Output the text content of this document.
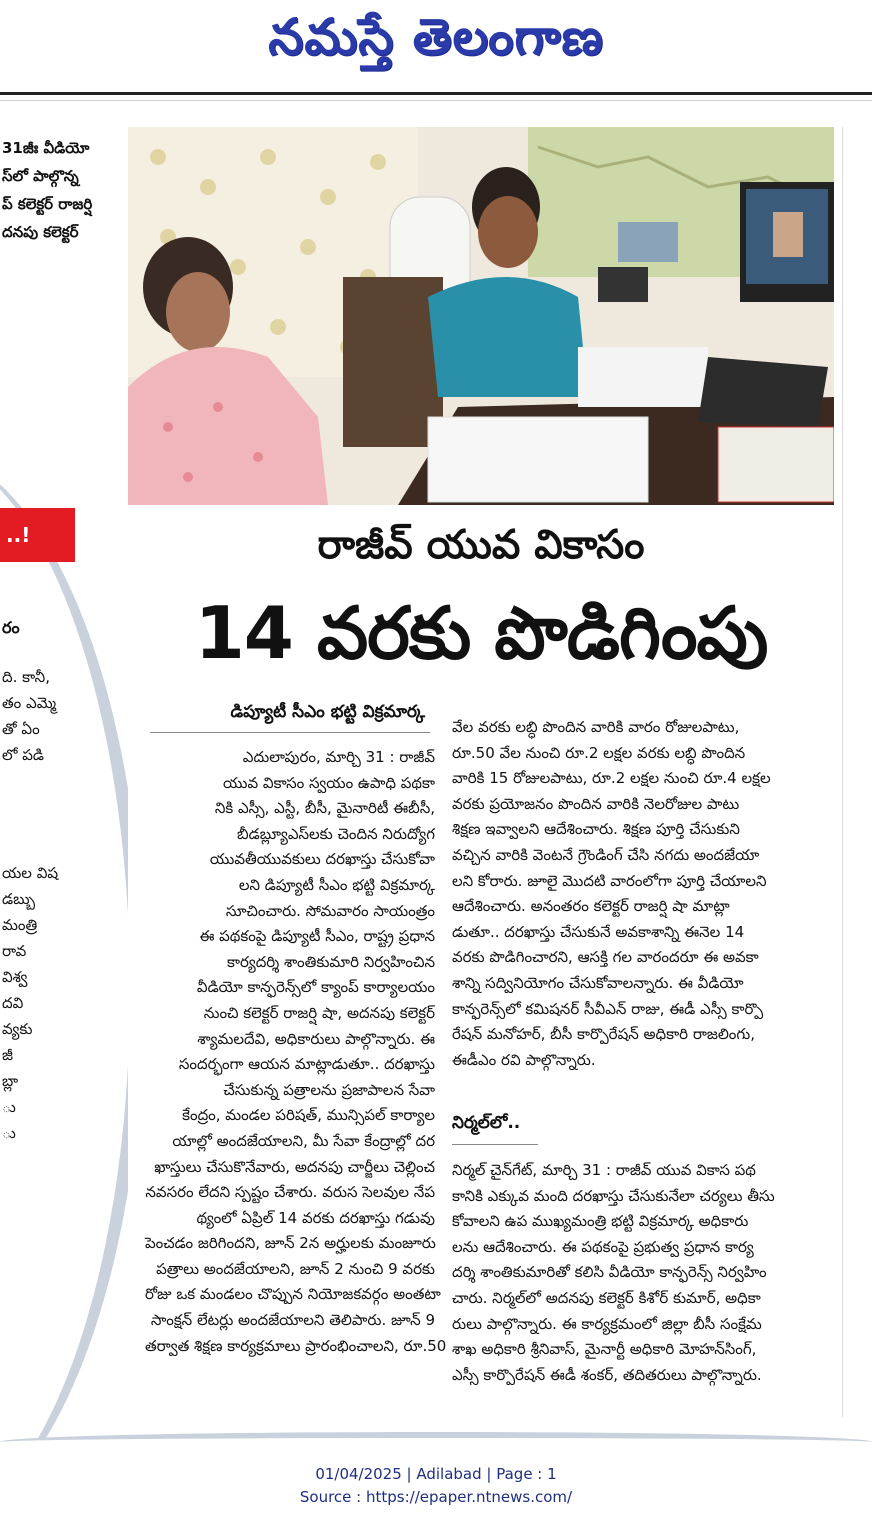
నమస్తే తెలంగాణ
31జీః వీడియో
స్‌లో పాల్గొన్న
ప్ కలెక్టర్ రాజర్షి
దనపు కలెక్టర్
..!
రం
ది. కానీ,
తం ఎమ్మె
తో ఏం
లో పడి
యల విష
డబ్బు
మంత్రి
రావ
విశ్వ
దవి
వ్యకు
జీ
బ్లా
ు
ు
రాజీవ్ యువ వికాసం
14 వరకు పొడిగింపు
డిప్యూటీ సీఎం భట్టి విక్రమార్క

ఎదులాపురం, మార్చి 31 : రాజీవ్

యువ వికాసం స్వయం ఉపాధి పథకా

నికి ఎస్సీ, ఎస్టీ, బీసీ, మైనారిటీ ఈబీసీ,

బీడబ్ల్యూఎస్‌లకు చెందిన నిరుద్యోగ

యువతీయువకులు దరఖాస్తు చేసుకోవా

లని డిప్యూటీ సీఎం భట్టి విక్రమార్క

సూచించారు. సోమవారం సాయంత్రం

ఈ పథకంపై డిప్యూటీ సీఎం, రాష్ట్ర ప్రధాన

కార్యదర్శి శాంతికుమారి నిర్వహించిన

వీడియో కాన్ఫరెన్స్‌లో క్యాంప్ కార్యాలయం

నుంచి కలెక్టర్ రాజర్షి షా, అదనపు కలెక్టర్

శ్యామలదేవి, అధికారులు పాల్గొన్నారు. ఈ

సందర్భంగా ఆయన మాట్లాడుతూ.. దరఖాస్తు

చేసుకున్న పత్రాలను ప్రజాపాలన సేవా

కేంద్రం, మండల పరిషత్, మున్సిపల్ కార్యాల

యాల్లో అందజేయాలని, మీ సేవా కేంద్రాల్లో దర

ఖాస్తులు చేసుకొనేవారు, అదనపు చార్జీలు చెల్లించ

నవసరం లేదని స్పష్టం చేశారు. వరుస సెలవుల నేప

థ్యంలో ఏప్రిల్ 14 వరకు దరఖాస్తు గడువు

పెంచడం జరిగిందని, జూన్ 2న అర్హులకు మంజూరు

పత్రాలు అందజేయాలని, జూన్ 2 నుంచి 9 వరకు

రోజు ఒక మండలం చొప్పున నియోజకవర్గం అంతటా

సాంక్షన్ లేటర్లు అందజేయాలని తెలిపారు. జూన్ 9

తర్వాత శిక్షణ కార్యక్రమాలు ప్రారంభించాలని, రూ.50

వేల వరకు లబ్ధి పొందిన వారికి వారం రోజులపాటు,

రూ.50 వేల నుంచి రూ.2 లక్షల వరకు లబ్ధి పొందిన

వారికి 15 రోజులపాటు, రూ.2 లక్షల నుంచి రూ.4 లక్షల

వరకు ప్రయోజనం పొందిన వారికి నెలరోజుల పాటు

శిక్షణ ఇవ్వాలని ఆదేశించారు. శిక్షణ పూర్తి చేసుకుని

వచ్చిన వారికి వెంటనే గ్రౌండింగ్ చేసి నగదు అందజేయా

లని కోరారు. జూలై మొదటి వారంలోగా పూర్తి చేయాలని

ఆదేశించారు. అనంతరం కలెక్టర్ రాజర్షి షా మాట్లా

డుతూ.. దరఖాస్తు చేసుకునే అవకాశాన్ని ఈనెల 14

వరకు పొడిగించారని, ఆసక్తి గల వారందరూ ఈ అవకా

శాన్ని సద్వినియోగం చేసుకోవాలన్నారు. ఈ వీడియో

కాన్ఫరెన్స్‌లో కమిషనర్ సీవీఎన్ రాజు, ఈడీ ఎస్సీ కార్పొ

రేషన్ మనోహర్, బీసీ కార్పొరేషన్ అధికారి రాజలింగు,

ఈడీఎం రవి పాల్గొన్నారు.

నిర్మల్‌లో..

నిర్మల్ చైన్‌గేట్, మార్చి 31 : రాజీవ్ యువ వికాస పథ

కానికి ఎక్కువ మంది దరఖాస్తు చేసుకునేలా చర్యలు తీసు

కోవాలని ఉప ముఖ్యమంత్రి భట్టి విక్రమార్క అధికారు

లను ఆదేశించారు. ఈ పథకంపై ప్రభుత్వ ప్రధాన కార్య

దర్శి శాంతికుమారితో కలిసి వీడియో కాన్ఫరెన్స్ నిర్వహిం

చారు. నిర్మల్‌లో అదనపు కలెక్టర్ కిశోర్ కుమార్, అధికా

రులు పాల్గొన్నారు. ఈ కార్యక్రమంలో జిల్లా బీసీ సంక్షేమ

శాఖ అధికారి శ్రీనివాస్, మైనార్టీ అధికారి మోహన్‌సింగ్,

ఎస్సీ కార్పొరేషన్ ఈడీ శంకర్, తదితరులు పాల్గొన్నారు.

01/04/2025 | Adilabad | Page : 1
Source : https://epaper.ntnews.com/
